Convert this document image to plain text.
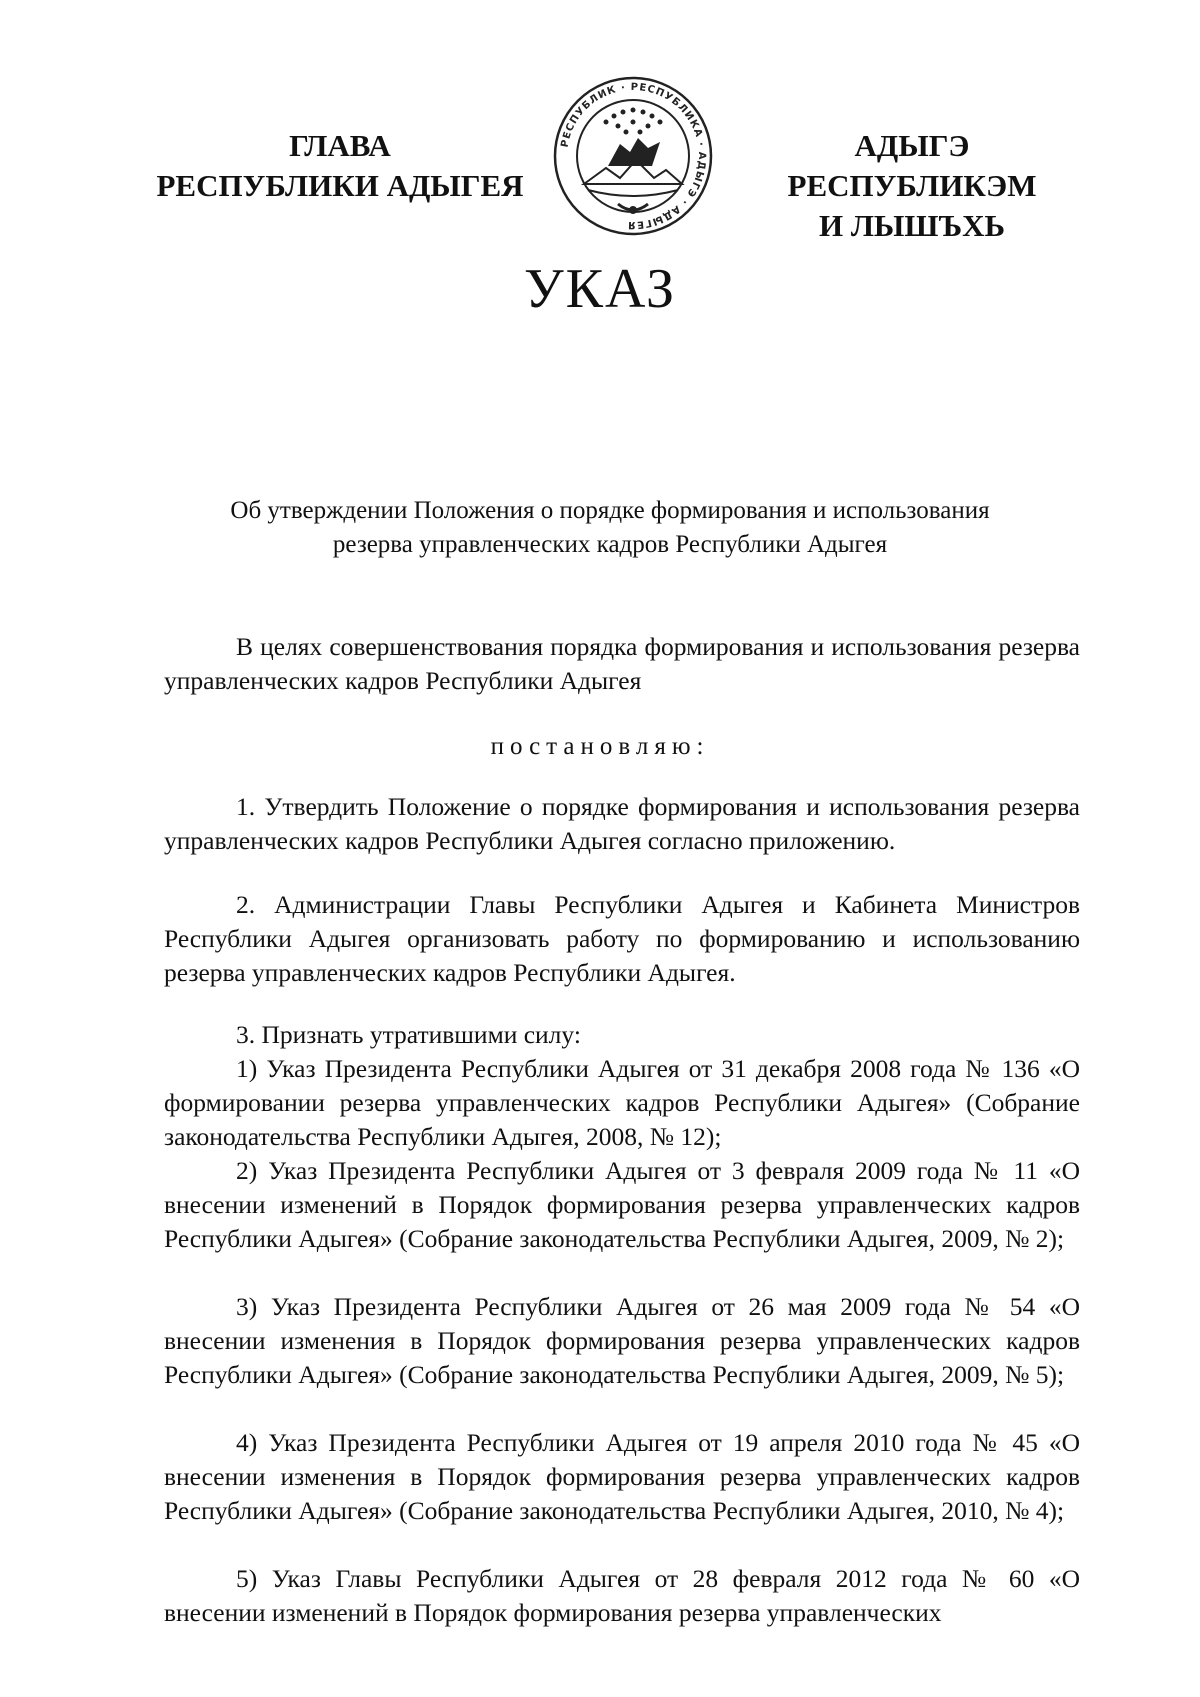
ГЛАВА
РЕСПУБЛИКИ АДЫГЕЯ
РЕСПУБЛИК · РЕСПУБЛИКА · АДЫГЭ · АДЫГЕЯ
АДЫГЭ РЕСПУБЛИКЭМ
И ЛЫШЪХЬ
УКАЗ
Об утверждении Положения о порядке формирования и использования
резерва управленческих кадров Республики Адыгея
В целях совершенствования порядка формирования и использования резерва управленческих кадров Республики Адыгея
постановляю:
1. Утвердить Положение о порядке формирования и использования резерва управленческих кадров Республики Адыгея согласно приложению.
2. Администрации Главы Республики Адыгея и Кабинета Министров Республики Адыгея организовать работу по формированию и использованию резерва управленческих кадров Республики Адыгея.
3. Признать утратившими силу:
1) Указ Президента Республики Адыгея от 31 декабря 2008 года № 136 «О формировании резерва управленческих кадров Республики Адыгея» (Собрание законодательства Республики Адыгея, 2008, № 12);
2) Указ Президента Республики Адыгея от 3 февраля 2009 года № 11 «О внесении изменений в Порядок формирования резерва управленческих кадров Республики Адыгея» (Собрание законодательства Республики Адыгея, 2009, № 2);
3) Указ Президента Республики Адыгея от 26 мая 2009 года № 54 «О внесении изменения в Порядок формирования резерва управленческих кадров Республики Адыгея» (Собрание законодательства Республики Адыгея, 2009, № 5);
4) Указ Президента Республики Адыгея от 19 апреля 2010 года № 45 «О внесении изменения в Порядок формирования резерва управленческих кадров Республики Адыгея» (Собрание законодательства Республики Адыгея, 2010, № 4);
5) Указ Главы Республики Адыгея от 28 февраля 2012 года № 60 «О внесении изменений в Порядок формирования резерва управленческих
